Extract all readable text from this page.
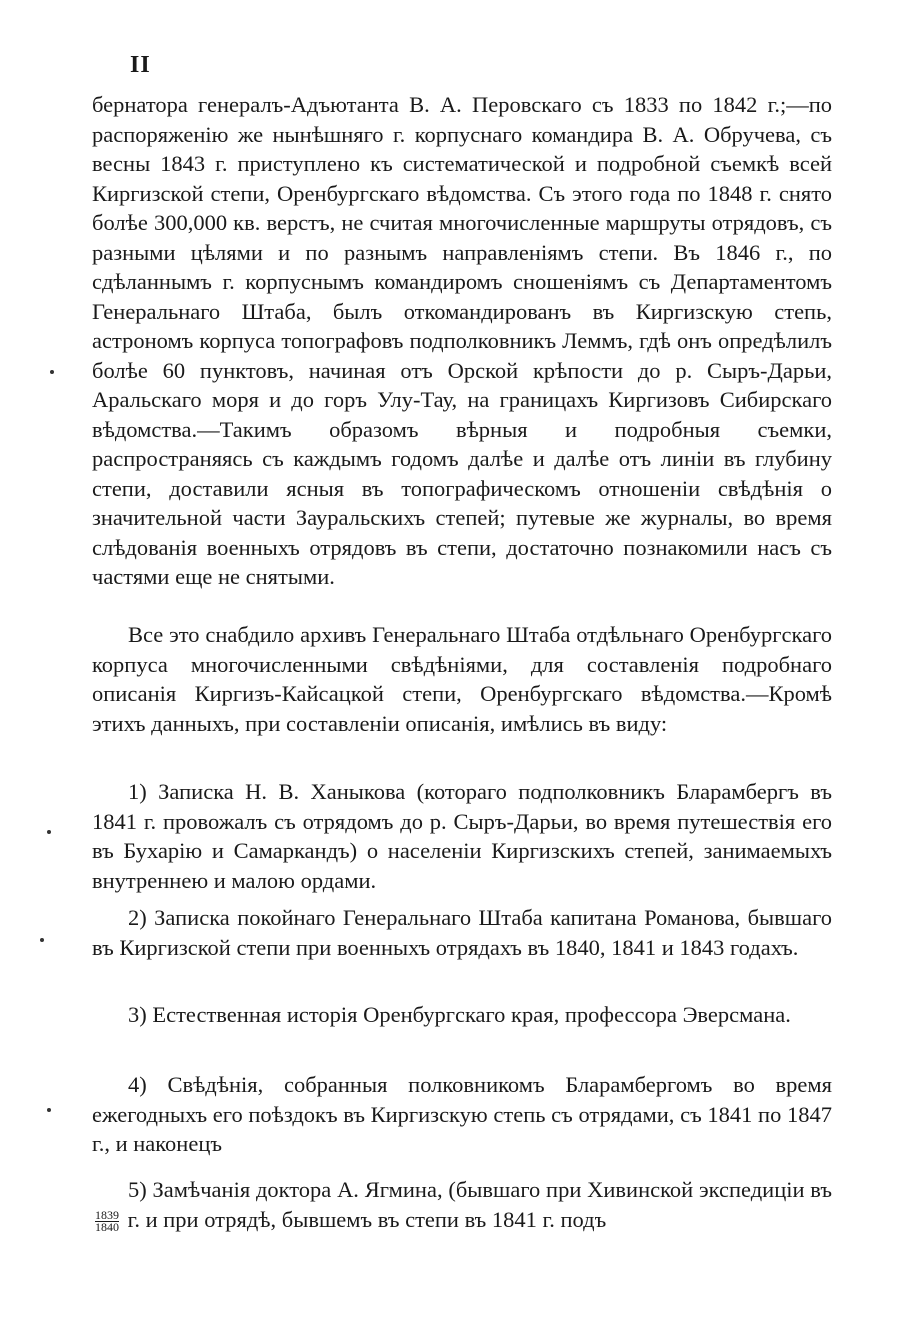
II
бернатора генералъ-Адъютанта В. А. Перовскаго съ 1833 по 1842 г.;—по распоряженію же нынѣшняго г. корпуснаго командира В. А. Обручева, съ весны 1843 г. приступлено къ систематической и подробной съемкѣ всей Киргизской степи, Оренбургскаго вѣдомства. Съ этого года по 1848 г. снято болѣе 300,000 кв. верстъ, не считая многочисленные маршруты отрядовъ, съ разными цѣлями и по разнымъ направленіямъ степи. Въ 1846 г., по сдѣланнымъ г. корпуснымъ командиромъ сношеніямъ съ Департаментомъ Генеральнаго Штаба, былъ откомандированъ въ Киргизскую степь, астрономъ корпуса топографовъ подполковникъ Леммъ, гдѣ онъ опредѣлилъ болѣе 60 пунктовъ, начиная отъ Орской крѣпости до р. Сыръ-Дарьи, Аральскаго моря и до горъ Улу-Тау, на границахъ Киргизовъ Сибирскаго вѣдомства.—Такимъ образомъ вѣрныя и подробныя съемки, распространяясь съ каждымъ годомъ далѣе и далѣе отъ линіи въ глубину степи, доставили ясныя въ топографическомъ отношеніи свѣдѣнія о значительной части Зауральскихъ степей; путевые же журналы, во время слѣдованія военныхъ отрядовъ въ степи, достаточно познакомили насъ съ частями еще не снятыми.
Все это снабдило архивъ Генеральнаго Штаба отдѣльнаго Оренбургскаго корпуса многочисленными свѣдѣніями, для составленія подробнаго описанія Киргизъ-Кайсацкой степи, Оренбургскаго вѣдомства.—Кромѣ этихъ данныхъ, при составленіи описанія, имѣлись въ виду:
1) Записка Н. В. Ханыкова (котораго подполковникъ Бларамбергъ въ 1841 г. провожалъ съ отрядомъ до р. Сыръ-Дарьи, во время путешествія его въ Бухарію и Самаркандъ) о населеніи Киргизскихъ степей, занимаемыхъ внутреннею и малою ордами.
2) Записка покойнаго Генеральнаго Штаба капитана Романова, бывшаго въ Киргизской степи при военныхъ отрядахъ въ 1840, 1841 и 1843 годахъ.
3) Естественная исторія Оренбургскаго края, профессора Эверсмана.
4) Свѣдѣнія, собранныя полковникомъ Бларамбергомъ во время ежегодныхъ его поѣздокъ въ Киргизскую степь съ отрядами, съ 1841 по 1847 г., и наконецъ
5) Замѣчанія доктора А. Ягмина, (бывшаго при Хивинской экспедиціи въ
$\frac{1839}{1840} г$. и при отрядѣ, бывшемъ въ степи въ 1841 г. подъ
